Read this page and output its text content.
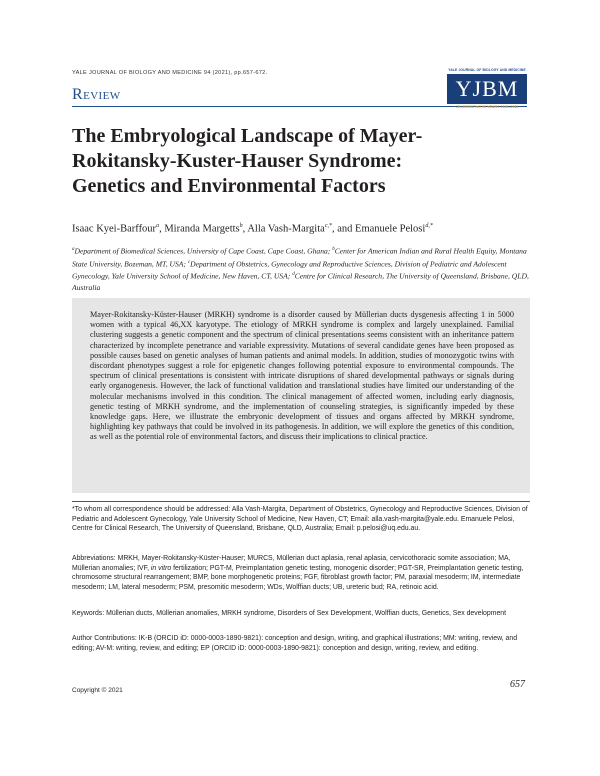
YALE JOURNAL OF BIOLOGY AND MEDICINE 94 (2021), pp.657-672.
Review
YALE JOURNAL OF BIOLOGY AND MEDICINE
YJBM
CELEBRATING 90 YEARS 1928–2018
The Embryological Landscape of Mayer-
Rokitansky-Kuster-Hauser Syndrome:
Genetics and Environmental Factors
Isaac Kyei-Barffour$^a$, Miranda Margetts$^b$, Alla Vash-Margita$^{c,*}$, and Emanuele Pelosi$^{d,*}$
$^a$Department of Biomedical Sciences, University of Cape Coast, Cape Coast, Ghana; $^b$Center for American Indian and Rural Health Equity, Montana State University, Bozeman, MT, USA; $^c$Department of Obstetrics, Gynecology and Reproductive Sciences, Division of Pediatric and Adolescent Gynecology, Yale University School of Medicine, New Haven, CT, USA; $^d$Centre for Clinical Research, The University of Queensland, Brisbane, QLD, Australia
Mayer-Rokitansky-Küster-Hauser (MRKH) syndrome is a disorder caused by Müllerian ducts dysgenesis affecting 1 in 5000 women with a typical 46,XX karyotype. The etiology of MRKH syndrome is complex and largely unexplained. Familial clustering suggests a genetic component and the spectrum of clinical presentations seems consistent with an inheritance pattern characterized by incomplete penetrance and variable expressivity. Mutations of several candidate genes have been proposed as possible causes based on genetic analyses of human patients and animal models. In addition, studies of monozygotic twins with discordant phenotypes suggest a role for epigenetic changes following potential exposure to environmental compounds. The spectrum of clinical presentations is consistent with intricate disruptions of shared developmental pathways or signals during early organogenesis. However, the lack of functional validation and translational studies have limited our understanding of the molecular mechanisms involved in this condition. The clinical management of affected women, including early diagnosis, genetic testing of MRKH syndrome, and the implementation of counseling strategies, is significantly impeded by these knowledge gaps. Here, we illustrate the embryonic development of tissues and organs affected by MRKH syndrome, highlighting key pathways that could be involved in its pathogenesis. In addition, we will explore the genetics of this condition, as well as the potential role of environmental factors, and discuss their implications to clinical practice.
*To whom all correspondence should be addressed: Alla Vash-Margita, Department of Obstetrics, Gynecology and Reproductive Sciences, Division of Pediatric and Adolescent Gynecology, Yale University School of Medicine, New Haven, CT; Email: alla.vash-margita@yale.edu. Emanuele Pelosi, Centre for Clinical Research, The University of Queensland, Brisbane, QLD, Australia; Email: p.pelosi@uq.edu.au.
Abbreviations: MRKH, Mayer-Rokitansky-Küster-Hauser; MURCS, Müllerian duct aplasia, renal aplasia, cervicothoracic somite association; MA, Müllerian anomalies; IVF, in vitro fertilization; PGT-M, Preimplantation genetic testing, monogenic disorder; PGT-SR, Preimplantation genetic testing, chromosome structural rearrangement; BMP, bone morphogenetic proteins; FGF, fibroblast growth factor; PM, paraxial mesoderm; IM, intermediate mesoderm; LM, lateral mesoderm; PSM, presomitic mesoderm; WDs, Wolffian ducts; UB, ureteric bud; RA, retinoic acid.
Keywords: Müllerian ducts, Müllerian anomalies, MRKH syndrome, Disorders of Sex Development, Wolffian ducts, Genetics, Sex development
Author Contributions: IK-B (ORCID iD: 0000-0003-1890-9821): conception and design, writing, and graphical illustrations; MM: writing, review, and editing; AV-M: writing, review, and editing; EP (ORCID iD: 0000-0003-1890-9821): conception and design, writing, review, and editing.
Copyright © 2021
657
